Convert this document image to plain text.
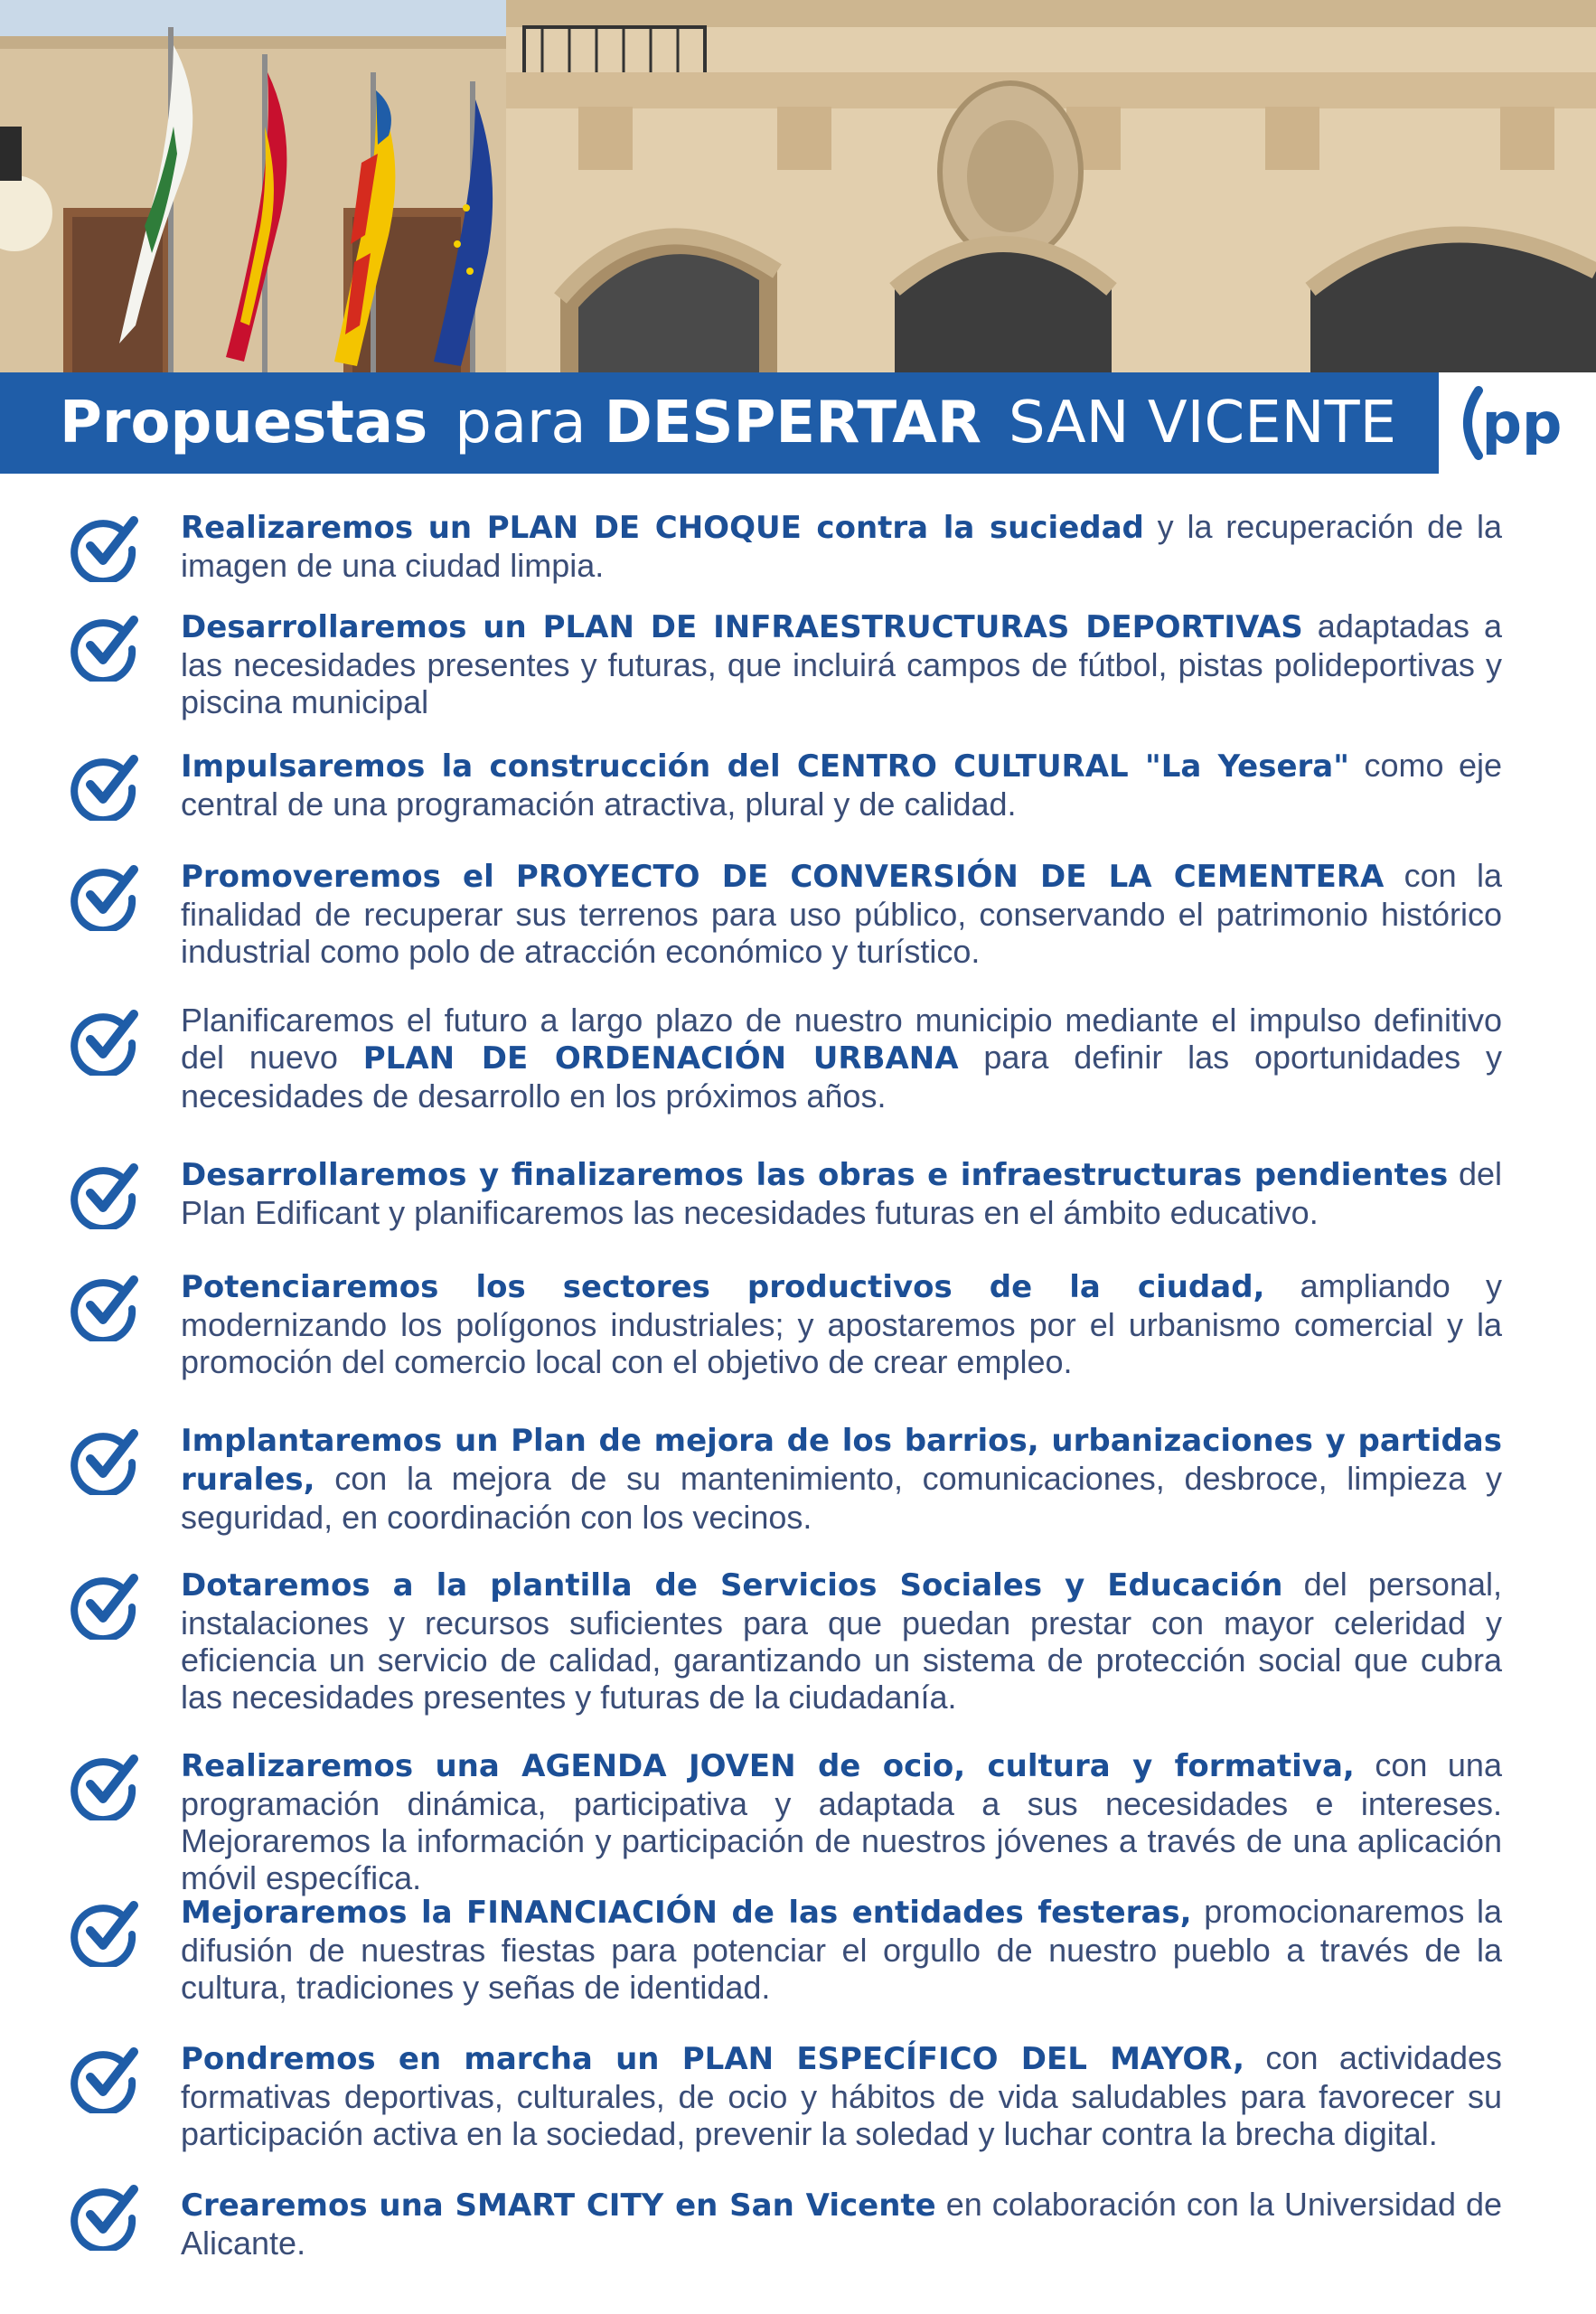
Propuestas para DESPERTAR SAN VICENTE pp
Realizaremos un PLAN DE CHOQUE contra la suciedad y la recuperación de la imagen de una ciudad limpia.
Desarrollaremos un PLAN DE INFRAESTRUCTURAS DEPORTIVAS adaptadas a las necesidades presentes y futuras, que incluirá campos de fútbol, pistas polideportivas y piscina municipal
Impulsaremos la construcción del CENTRO CULTURAL "La Yesera" como eje central de una programación atractiva, plural y de calidad.
Promoveremos el PROYECTO DE CONVERSIÓN DE LA CEMENTERA con la finalidad de recuperar sus terrenos para uso público, conservando el patrimonio histórico industrial como polo de atracción económico y turístico.
Planificaremos el futuro a largo plazo de nuestro municipio mediante el impulso definitivo del nuevo PLAN DE ORDENACIÓN URBANA para definir las oportunidades y necesidades de desarrollo en los próximos años.
Desarrollaremos y finalizaremos las obras e infraestructuras pendientes del Plan Edificant y planificaremos las necesidades futuras en el ámbito educativo.
Potenciaremos los sectores productivos de la ciudad, ampliando y modernizando los polígonos industriales; y apostaremos por el urbanismo comercial y la promoción del comercio local con el objetivo de crear empleo.
Implantaremos un Plan de mejora de los barrios, urbanizaciones y partidas rurales, con la mejora de su mantenimiento, comunicaciones, desbroce, limpieza y seguridad, en coordinación con los vecinos.
Dotaremos a la plantilla de Servicios Sociales y Educación del personal, instalaciones y recursos suficientes para que puedan prestar con mayor celeridad y eficiencia un servicio de calidad, garantizando un sistema de protección social que cubra las necesidades presentes y futuras de la ciudadanía.
Realizaremos una AGENDA JOVEN de ocio, cultura y formativa, con una programación dinámica, participativa y adaptada a sus necesidades e intereses. Mejoraremos la información y participación de nuestros jóvenes a través de una aplicación móvil específica.
Mejoraremos la FINANCIACIÓN de las entidades festeras, promocionaremos la difusión de nuestras fiestas para potenciar el orgullo de nuestro pueblo a través de la cultura, tradiciones y señas de identidad.
Pondremos en marcha un PLAN ESPECÍFICO DEL MAYOR, con actividades formativas deportivas, culturales, de ocio y hábitos de vida saludables para favorecer su participación activa en la sociedad, prevenir la soledad y luchar contra la brecha digital.
Crearemos una SMART CITY en San Vicente en colaboración con la Universidad de Alicante.
